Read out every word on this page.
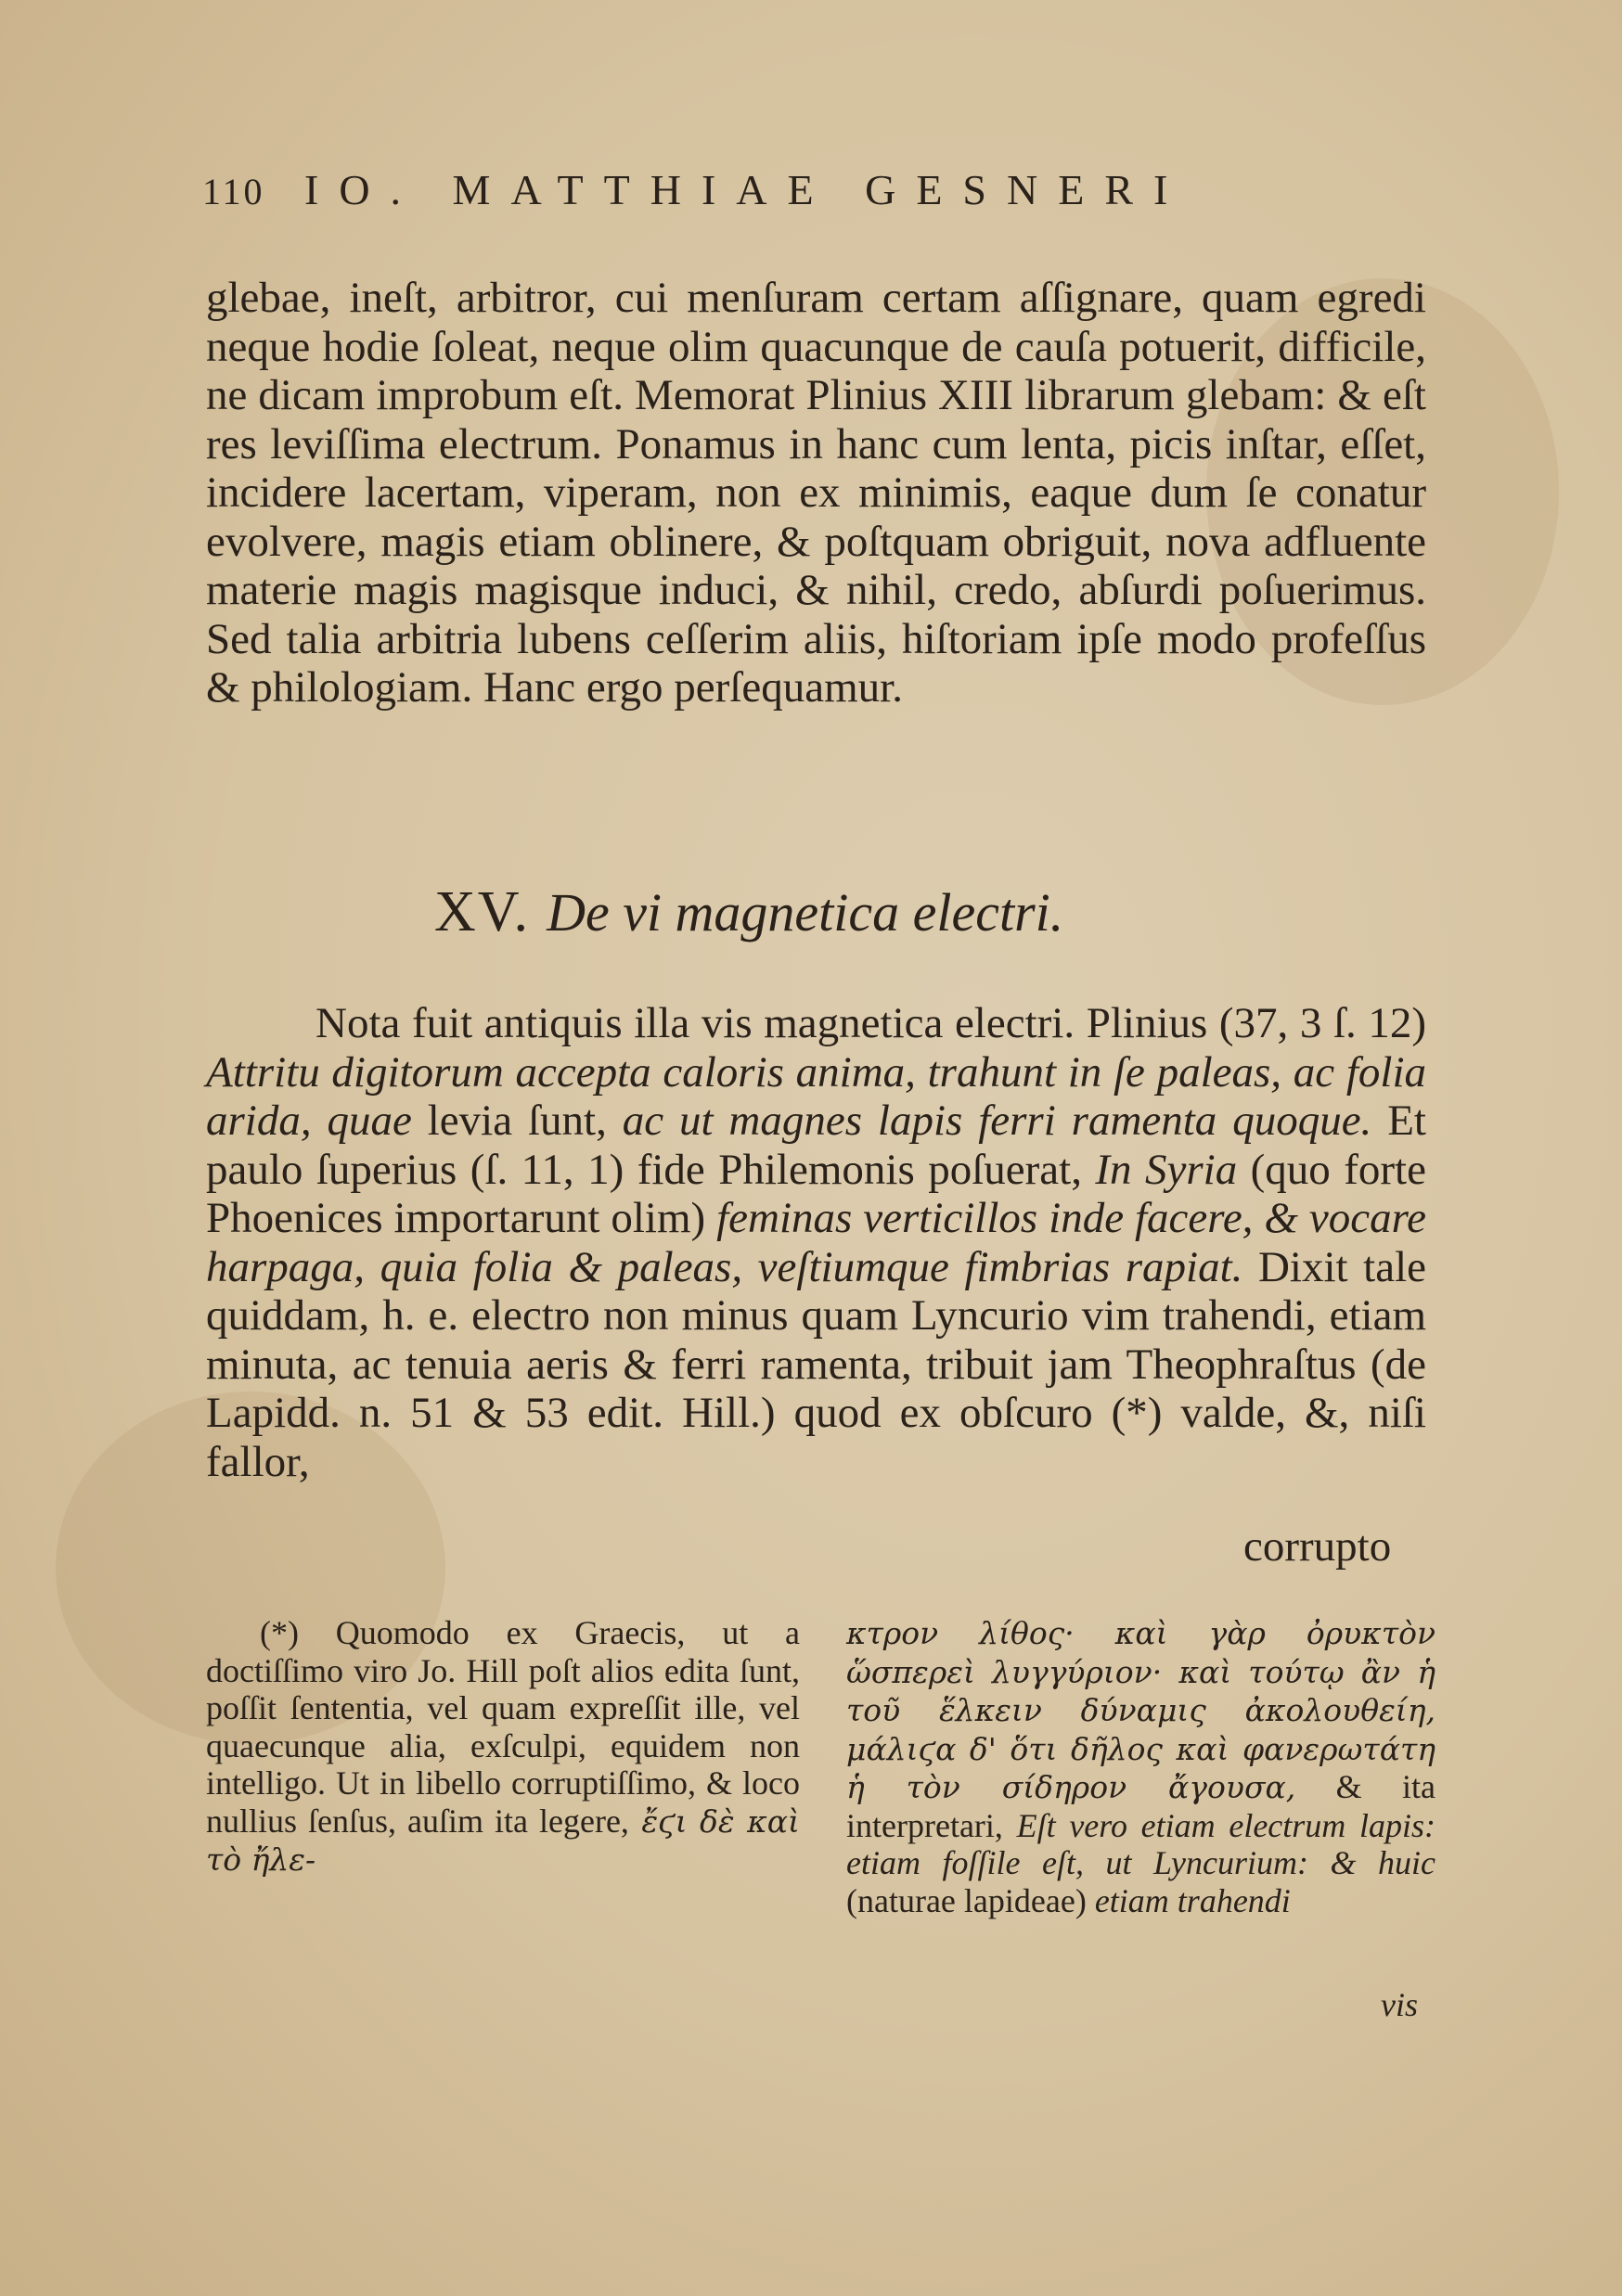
110 IO. MATTHIAE GESNERI

glebae, ineſt, arbitror, cui menſuram certam aſſignare, quam egredi neque hodie ſoleat, neque olim quacunque de cauſa potuerit, difficile, ne dicam improbum eſt. Memorat Plinius XIII librarum glebam: & eſt res leviſſima electrum. Ponamus in hanc cum lenta, picis inſtar, eſſet, incidere lacertam, viperam, non ex minimis, eaque dum ſe conatur evolvere, magis etiam oblinere, & poſtquam obriguit, nova adfluente materie magis magisque induci, & nihil, credo, abſurdi poſuerimus. Sed talia arbitria lubens ceſſerim aliis, hiſtoriam ipſe modo profeſſus & philologiam. Hanc ergo perſequamur.

XV. De vi magnetica electri.

Nota fuit antiquis illa vis magnetica electri. Plinius (37, 3 ſ. 12) Attritu digitorum accepta caloris anima, trahunt in ſe paleas, ac folia arida, quae levia ſunt, ac ut magnes lapis ferri ramenta quoque. Et paulo ſuperius (ſ. 11, 1) fide Philemonis poſuerat, In Syria (quo forte Phoenices importarunt olim) feminas verticillos inde facere, & vocare harpaga, quia folia & paleas, veſtiumque fimbrias rapiat. Dixit tale quiddam, h. e. electro non minus quam Lyncurio vim trahendi, etiam minuta, ac tenuia aeris & ferri ramenta, tribuit jam Theophraſtus (de Lapidd. n. 51 & 53 edit. Hill.) quod ex obſcuro (*) valde, &, niſi fallor,

corrupto

(*) Quomodo ex Graecis, ut a doctiſſimo viro Jo. Hill poſt alios edita ſunt, poſſit ſententia, vel quam expreſſit ille, vel quaecunque alia, exſculpi, equidem non intelligo. Ut in libello corruptiſſimo, & loco nullius ſenſus, auſim ita legere, ἔϛι δὲ καὶ τὸ ἤλε-

κτρον λίθος· καὶ γὰρ ὀρυκτὸν ὥσπερεὶ λυγγύριον· καὶ τούτῳ ἂν ἡ τοῦ ἕλκειν δύναμις ἀκολουθείη, μάλιϛα δ' ὅτι δῆλος καὶ φανερωτάτη ἡ τὸν σίδηρον ἄγουσα, & ita interpretari, Eſt vero etiam electrum lapis: etiam foſſile eſt, ut Lyncurium: & huic (naturae lapideae) etiam trahendi

vis
